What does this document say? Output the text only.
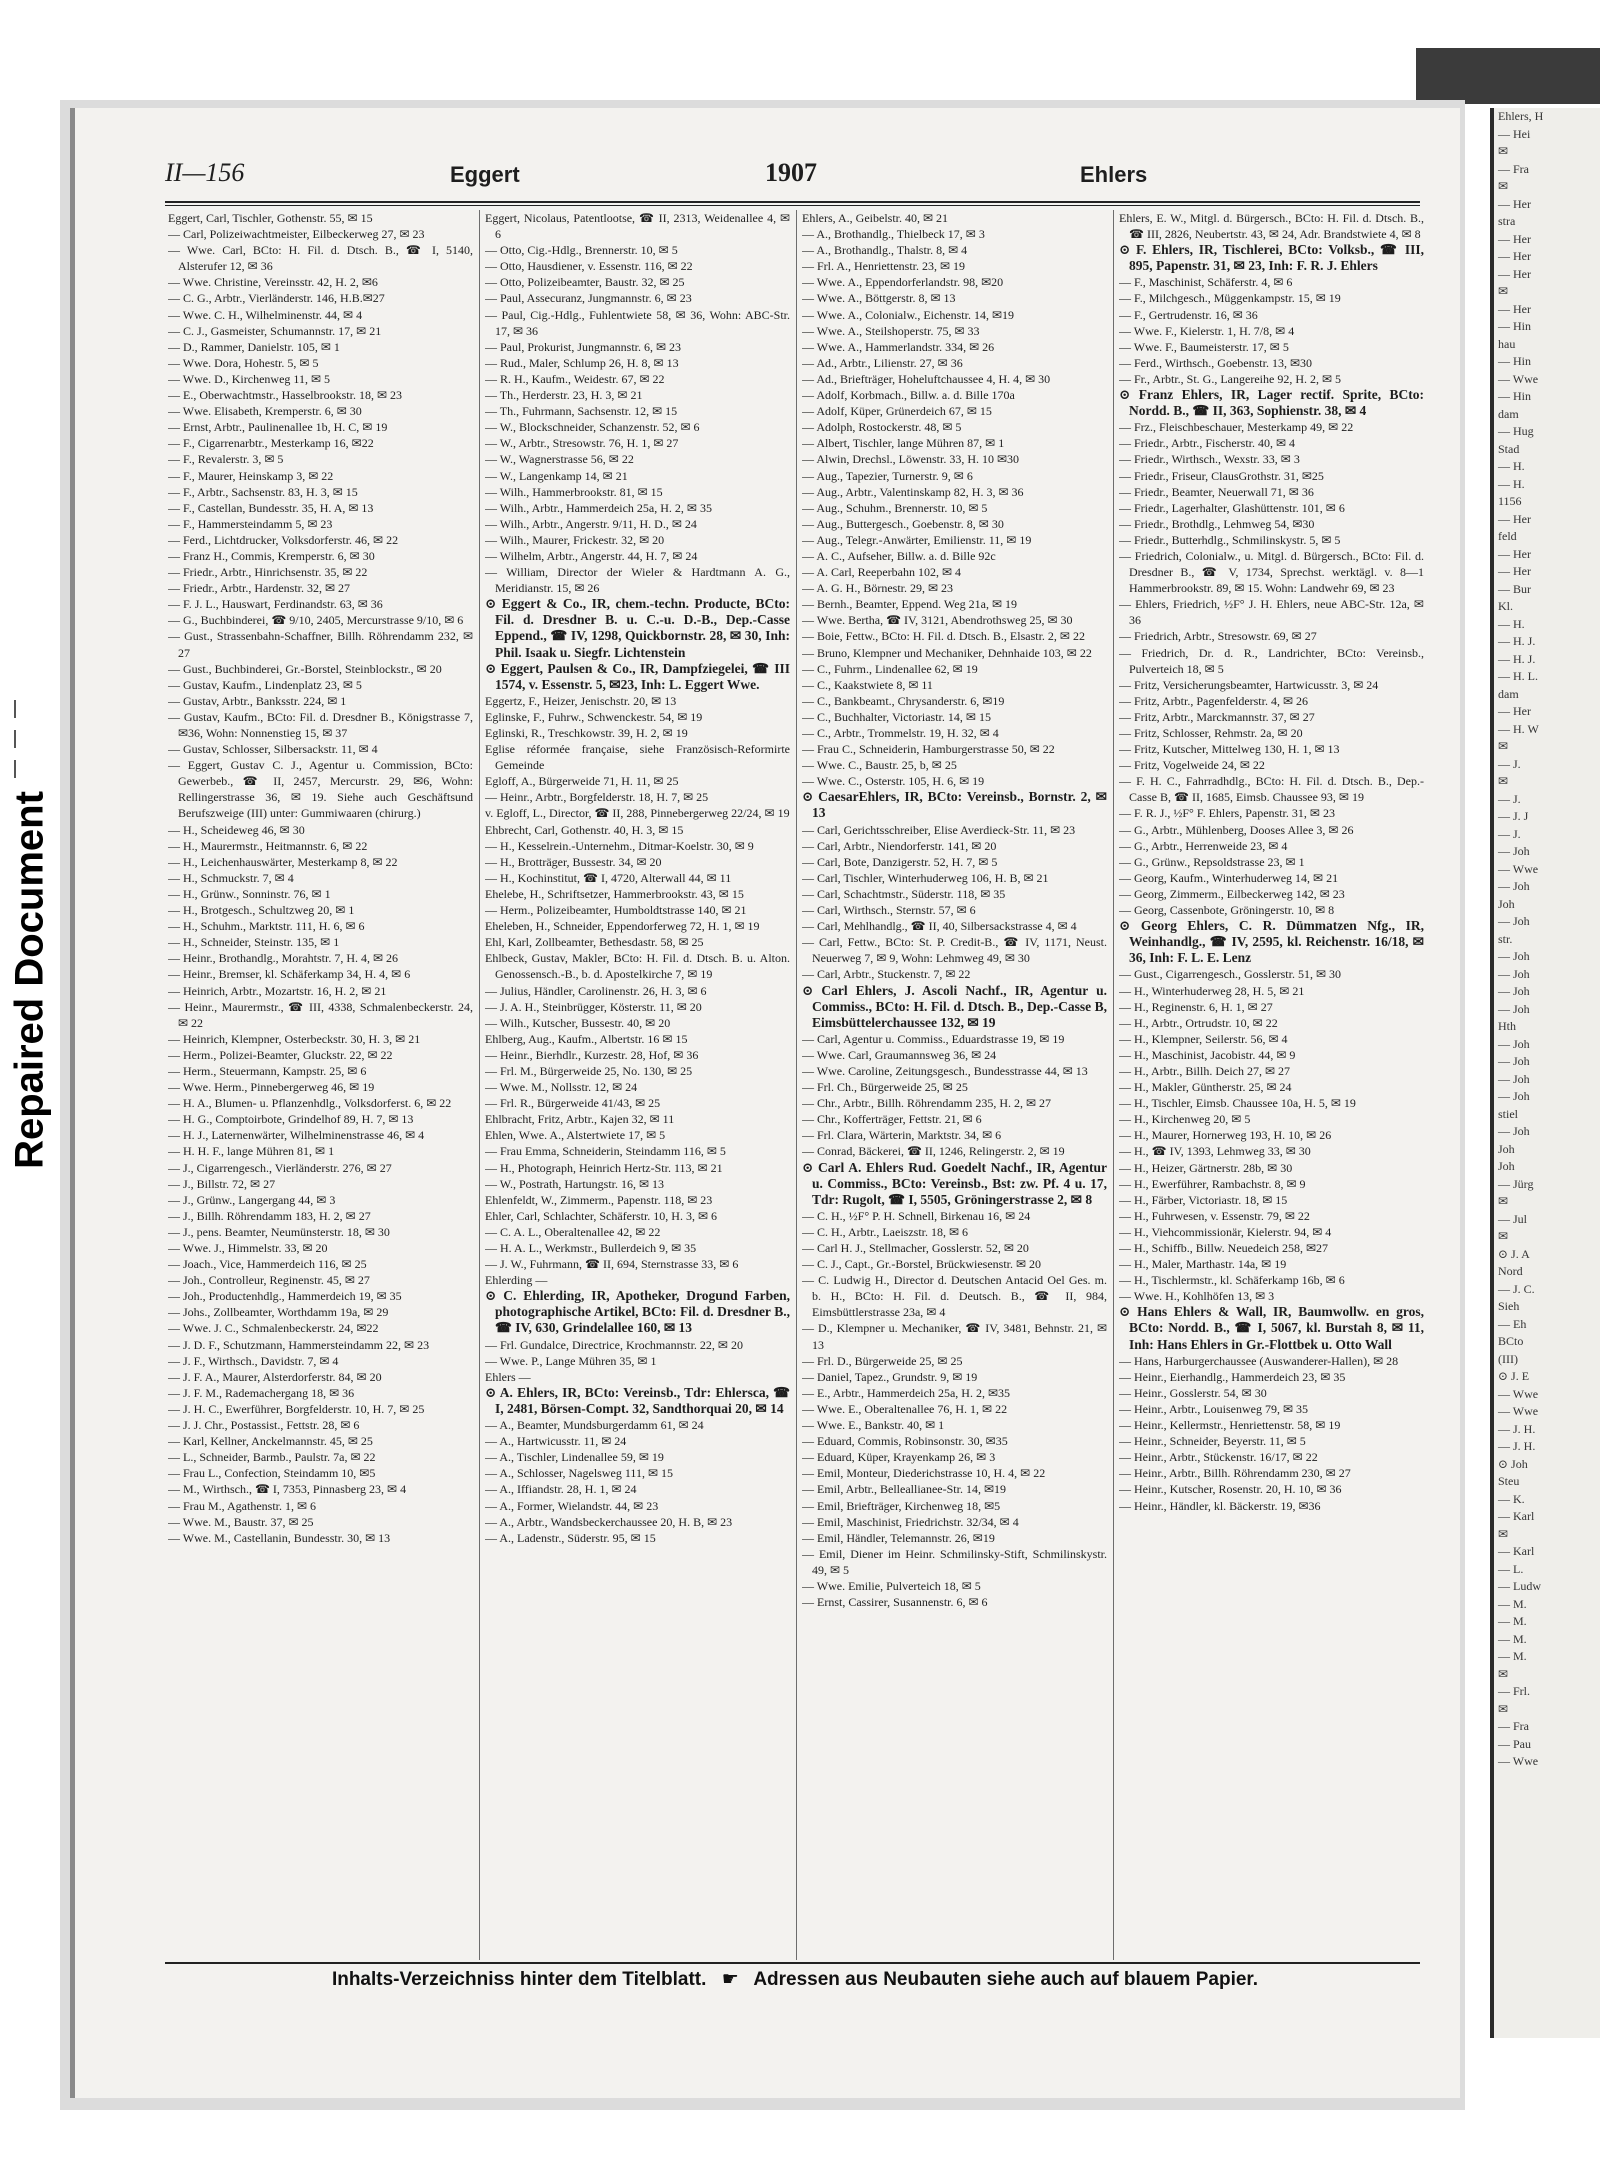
Repaired Document
Ehlers, H
— Hei
✉
— Fra
✉
— Her
stra
— Her
— Her
— Her
✉
— Her
— Hin
hau
— Hin
— Wwe
— Hin
dam
— Hug
Stad
— H.
— H.
1156
— Her
feld
— Her
— Her
— Bur
Kl.
— H.
— H. J.
— H. J.
— H. L.
dam
— Her
— H. W
✉
— J.
✉
— J.
— J. J
— J.
— Joh
— Wwe
— Joh
Joh
— Joh
str.
— Joh
— Joh
— Joh
— Joh
Hth
— Joh
— Joh
— Joh
— Joh
stiel
— Joh
Joh
Joh
— Jürg
✉
— Jul
✉
⊙ J. A
Nord
— J. C.
Sieh
— Eh
BCto
(III)
⊙ J. E
— Wwe
— Wwe
— J. H.
— J. H.
⊙ Joh
Steu
— K.
— Karl
✉
— Karl
— L.
— Ludw
— M.
— M.
— M.
— M.
✉
— Frl.
✉
— Fra
— Pau
— Wwe
II—156	Eggert	1907	Ehlers

Eggert, Carl, Tischler, Gothenstr. 55, ✉ 15

— Carl, Polizeiwachtmeister, Eilbeckerweg 27, ✉ 23

— Wwe. Carl, BCto: H. Fil. d. Dtsch. B., ☎ I, 5140, Alsterufer 12, ✉ 36

— Wwe. Christine, Vereinsstr. 42, H. 2, ✉6

— C. G., Arbtr., Vierländerstr. 146, H.B.✉27

— Wwe. C. H., Wilhelminenstr. 44, ✉ 4

— C. J., Gasmeister, Schumannstr. 17, ✉ 21

— D., Rammer, Danielstr. 105, ✉ 1

— Wwe. Dora, Hohestr. 5, ✉ 5

— Wwe. D., Kirchenweg 11, ✉ 5

— E., Oberwachtmstr., Hasselbrookstr. 18, ✉ 23

— Wwe. Elisabeth, Kremperstr. 6, ✉ 30

— Ernst, Arbtr., Paulinenallee 1b, H. C, ✉ 19

— F., Cigarrenarbtr., Mesterkamp 16, ✉22

— F., Revalerstr. 3, ✉ 5

— F., Maurer, Heinskamp 3, ✉ 22

— F., Arbtr., Sachsenstr. 83, H. 3, ✉ 15

— F., Castellan, Bundesstr. 35, H. A, ✉ 13

— F., Hammersteindamm 5, ✉ 23

— Ferd., Lichtdrucker, Volksdorferstr. 46, ✉ 22

— Franz H., Commis, Kremperstr. 6, ✉ 30

— Friedr., Arbtr., Hinrichsenstr. 35, ✉ 22

— Friedr., Arbtr., Hardenstr. 32, ✉ 27

— F. J. L., Hauswart, Ferdinandstr. 63, ✉ 36

— G., Buchbinderei, ☎ 9/10, 2405, Mercurstrasse 9/10, ✉ 6

— Gust., Strassenbahn-Schaffner, Billh. Röhrendamm 232, ✉ 27

— Gust., Buchbinderei, Gr.-Borstel, Steinblockstr., ✉ 20

— Gustav, Kaufm., Lindenplatz 23, ✉ 5

— Gustav, Arbtr., Banksstr. 224, ✉ 1

— Gustav, Kaufm., BCto: Fil. d. Dresdner B., Königstrasse 7, ✉36, Wohn: Nonnenstieg 15, ✉ 37

— Gustav, Schlosser, Silbersackstr. 11, ✉ 4

— Eggert, Gustav C. J., Agentur u. Commission, BCto: Gewerbeb., ☎ II, 2457, Mercurstr. 29, ✉6, Wohn: Rellingerstrasse 36, ✉ 19. Siehe auch Geschäftsund Berufszweige (III) unter: Gummiwaaren (chirurg.)

— H., Scheideweg 46, ✉ 30

— H., Maurermstr., Heitmannstr. 6, ✉ 22

— H., Leichenhauswärter, Mesterkamp 8, ✉ 22

— H., Schmuckstr. 7, ✉ 4

— H., Grünw., Sonninstr. 76, ✉ 1

— H., Brotgesch., Schultzweg 20, ✉ 1

— H., Schuhm., Marktstr. 111, H. 6, ✉ 6

— H., Schneider, Steinstr. 135, ✉ 1

— Heinr., Brothandlg., Morahtstr. 7, H. 4, ✉ 26

— Heinr., Bremser, kl. Schäferkamp 34, H. 4, ✉ 6

— Heinrich, Arbtr., Mozartstr. 16, H. 2, ✉ 21

— Heinr., Maurermstr., ☎ III, 4338, Schmalenbeckerstr. 24, ✉ 22

— Heinrich, Klempner, Osterbeckstr. 30, H. 3, ✉ 21

— Herm., Polizei-Beamter, Gluckstr. 22, ✉ 22

— Herm., Steuermann, Kampstr. 25, ✉ 6

— Wwe. Herm., Pinnebergerweg 46, ✉ 19

— H. A., Blumen- u. Pflanzenhdlg., Volksdorferst. 6, ✉ 22

— H. G., Comptoirbote, Grindelhof 89, H. 7, ✉ 13

— H. J., Laternenwärter, Wilhelminenstrasse 46, ✉ 4

— H. H. F., lange Mühren 81, ✉ 1

— J., Cigarrengesch., Vierländerstr. 276, ✉ 27

— J., Billstr. 72, ✉ 27

— J., Grünw., Langergang 44, ✉ 3

— J., Billh. Röhrendamm 183, H. 2, ✉ 27

— J., pens. Beamter, Neumünsterstr. 18, ✉ 30

— Wwe. J., Himmelstr. 33, ✉ 20

— Joach., Vice, Hammerdeich 116, ✉ 25

— Joh., Controlleur, Reginenstr. 45, ✉ 27

— Joh., Productenhdlg., Hammerdeich 19, ✉ 35

— Johs., Zollbeamter, Worthdamm 19a, ✉ 29

— Wwe. J. C., Schmalenbeckerstr. 24, ✉22

— J. D. F., Schutzmann, Hammersteindamm 22, ✉ 23

— J. F., Wirthsch., Davidstr. 7, ✉ 4

— J. F. A., Maurer, Alsterdorferstr. 84, ✉ 20

— J. F. M., Rademachergang 18, ✉ 36

— J. H. C., Ewerführer, Borgfelderstr. 10, H. 7, ✉ 25

— J. J. Chr., Postassist., Fettstr. 28, ✉ 6

— Karl, Kellner, Anckelmannstr. 45, ✉ 25

— L., Schneider, Barmb., Paulstr. 7a, ✉ 22

— Frau L., Confection, Steindamm 10, ✉5

— M., Wirthsch., ☎ I, 7353, Pinnasberg 23, ✉ 4

— Frau M., Agathenstr. 1, ✉ 6

— Wwe. M., Baustr. 37, ✉ 25

— Wwe. M., Castellanin, Bundesstr. 30, ✉ 13

Eggert, Nicolaus, Patentlootse, ☎ II, 2313, Weidenallee 4, ✉ 6

— Otto, Cig.-Hdlg., Brennerstr. 10, ✉ 5

— Otto, Hausdiener, v. Essenstr. 116, ✉ 22

— Otto, Polizeibeamter, Baustr. 32, ✉ 25

— Paul, Assecuranz, Jungmannstr. 6, ✉ 23

— Paul, Cig.-Hdlg., Fuhlentwiete 58, ✉ 36, Wohn: ABC-Str. 17, ✉ 36

— Paul, Prokurist, Jungmannstr. 6, ✉ 23

— Rud., Maler, Schlump 26, H. 8, ✉ 13

— R. H., Kaufm., Weidestr. 67, ✉ 22

— Th., Herderstr. 23, H. 3, ✉ 21

— Th., Fuhrmann, Sachsenstr. 12, ✉ 15

— W., Blockschneider, Schanzenstr. 52, ✉ 6

— W., Arbtr., Stresowstr. 76, H. 1, ✉ 27

— W., Wagnerstrasse 56, ✉ 22

— W., Langenkamp 14, ✉ 21

— Wilh., Hammerbrookstr. 81, ✉ 15

— Wilh., Arbtr., Hammerdeich 25a, H. 2, ✉ 35

— Wilh., Arbtr., Angerstr. 9/11, H. D., ✉ 24

— Wilh., Maurer, Frickestr. 32, ✉ 20

— Wilhelm, Arbtr., Angerstr. 44, H. 7, ✉ 24

— William, Director der Wieler & Hardtmann A. G., Meridianstr. 15, ✉ 26

⊙ Eggert & Co., IR, chem.-techn. Producte, BCto: Fil. d. Dresdner B. u. C.-u. D.-B., Dep.-Casse Eppend., ☎ IV, 1298, Quickbornstr. 28, ✉ 30, Inh: Phil. Isaak u. Siegfr. Lichtenstein

⊙ Eggert, Paulsen & Co., IR, Dampfziegelei, ☎ III 1574, v. Essenstr. 5, ✉23, Inh: L. Eggert Wwe.

Eggertz, F., Heizer, Jenischstr. 20, ✉ 13

Eglinske, F., Fuhrw., Schwenckestr. 54, ✉ 19

Eglinski, R., Treschkowstr. 39, H. 2, ✉ 19

Eglise réformée française, siehe Französisch-Reformirte Gemeinde

Egloff, A., Bürgerweide 71, H. 11, ✉ 25

— Heinr., Arbtr., Borgfelderstr. 18, H. 7, ✉ 25

v. Egloff, L., Director, ☎ II, 288, Pinnebergerweg 22/24, ✉ 19

Ehbrecht, Carl, Gothenstr. 40, H. 3, ✉ 15

— H., Kesselrein.-Unternehm., Ditmar-Koelstr. 30, ✉ 9

— H., Brotträger, Bussestr. 34, ✉ 20

— H., Kochinstitut, ☎ I, 4720, Alterwall 44, ✉ 11

Ehelebe, H., Schriftsetzer, Hammerbrookstr. 43, ✉ 15

— Herm., Polizeibeamter, Humboldtstrasse 140, ✉ 21

Eheleben, H., Schneider, Eppendorferweg 72, H. 1, ✉ 19

Ehl, Karl, Zollbeamter, Bethesdastr. 58, ✉ 25

Ehlbeck, Gustav, Makler, BCto: H. Fil. d. Dtsch. B. u. Alton. Genossensch.-B., b. d. Apostelkirche 7, ✉ 19

— Julius, Händler, Carolinenstr. 26, H. 3, ✉ 6

— J. A. H., Steinbrügger, Kösterstr. 11, ✉ 20

— Wilh., Kutscher, Bussestr. 40, ✉ 20

Ehlberg, Aug., Kaufm., Albertstr. 16 ✉ 15

— Heinr., Bierhdlr., Kurzestr. 28, Hof, ✉ 36

— Frl. M., Bürgerweide 25, No. 130, ✉ 25

— Wwe. M., Nollsstr. 12, ✉ 24

— Frl. R., Bürgerweide 41/43, ✉ 25

Ehlbracht, Fritz, Arbtr., Kajen 32, ✉ 11

Ehlen, Wwe. A., Alstertwiete 17, ✉ 5

— Frau Emma, Schneiderin, Steindamm 116, ✉ 5

— H., Photograph, Heinrich Hertz-Str. 113, ✉ 21

— W., Postrath, Hartungstr. 16, ✉ 13

Ehlenfeldt, W., Zimmerm., Papenstr. 118, ✉ 23

Ehler, Carl, Schlachter, Schäferstr. 10, H. 3, ✉ 6

— C. A. L., Oberaltenallee 42, ✉ 22

— H. A. L., Werkmstr., Bullerdeich 9, ✉ 35

— J. W., Fuhrmann, ☎ II, 694, Sternstrasse 33, ✉ 6

Ehlerding —

⊙ C. Ehlerding, IR, Apotheker, Drogund Farben, photographische Artikel, BCto: Fil. d. Dresdner B., ☎ IV, 630, Grindelallee 160, ✉ 13

— Frl. Gundalce, Directrice, Krochmannstr. 22, ✉ 20

— Wwe. P., Lange Mühren 35, ✉ 1

Ehlers —

⊙ A. Ehlers, IR, BCto: Vereinsb., Tdr: Ehlersca, ☎ I, 2481, Börsen-Compt. 32, Sandthorquai 20, ✉ 14

— A., Beamter, Mundsburgerdamm 61, ✉ 24

— A., Hartwicusstr. 11, ✉ 24

— A., Tischler, Lindenallee 59, ✉ 19

— A., Schlosser, Nagelsweg 111, ✉ 15

— A., Iffiandstr. 28, H. 1, ✉ 24

— A., Former, Wielandstr. 44, ✉ 23

— A., Arbtr., Wandsbeckerchaussee 20, H. B, ✉ 23

— A., Ladenstr., Süderstr. 95, ✉ 15

Ehlers, A., Geibelstr. 40, ✉ 21

— A., Brothandlg., Thielbeck 17, ✉ 3

— A., Brothandlg., Thalstr. 8, ✉ 4

— Frl. A., Henriettenstr. 23, ✉ 19

— Wwe. A., Eppendorferlandstr. 98, ✉20

— Wwe. A., Böttgerstr. 8, ✉ 13

— Wwe. A., Colonialw., Eichenstr. 14, ✉19

— Wwe. A., Steilshoperstr. 75, ✉ 33

— Wwe. A., Hammerlandstr. 334, ✉ 26

— Ad., Arbtr., Lilienstr. 27, ✉ 36

— Ad., Briefträger, Hoheluftchaussee 4, H. 4, ✉ 30

— Adolf, Korbmach., Billw. a. d. Bille 170a

— Adolf, Küper, Grünerdeich 67, ✉ 15

— Adolph, Rostockerstr. 48, ✉ 5

— Albert, Tischler, lange Mühren 87, ✉ 1

— Alwin, Drechsl., Löwenstr. 33, H. 10 ✉30

— Aug., Tapezier, Turnerstr. 9, ✉ 6

— Aug., Arbtr., Valentinskamp 82, H. 3, ✉ 36

— Aug., Schuhm., Brennerstr. 10, ✉ 5

— Aug., Buttergesch., Goebenstr. 8, ✉ 30

— Aug., Telegr.-Anwärter, Emilienstr. 11, ✉ 19

— A. C., Aufseher, Billw. a. d. Bille 92c

— A. Carl, Reeperbahn 102, ✉ 4

— A. G. H., Börnestr. 29, ✉ 23

— Bernh., Beamter, Eppend. Weg 21a, ✉ 19

— Wwe. Bertha, ☎ IV, 3121, Abendrothsweg 25, ✉ 30

— Boie, Fettw., BCto: H. Fil. d. Dtsch. B., Elsastr. 2, ✉ 22

— Bruno, Klempner und Mechaniker, Dehnhaide 103, ✉ 22

— C., Fuhrm., Lindenallee 62, ✉ 19

— C., Kaakstwiete 8, ✉ 11

— C., Bankbeamt., Chrysanderstr. 6, ✉19

— C., Buchhalter, Victoriastr. 14, ✉ 15

— C., Arbtr., Trommelstr. 19, H. 32, ✉ 4

— Frau C., Schneiderin, Hamburgerstrasse 50, ✉ 22

— Wwe. C., Baustr. 25, b, ✉ 25

— Wwe. C., Osterstr. 105, H. 6, ✉ 19

⊙ CaesarEhlers, IR, BCto: Vereinsb., Bornstr. 2, ✉ 13

— Carl, Gerichtsschreiber, Elise Averdieck-Str. 11, ✉ 23

— Carl, Arbtr., Niendorferstr. 141, ✉ 20

— Carl, Bote, Danzigerstr. 52, H. 7, ✉ 5

— Carl, Tischler, Winterhuderweg 106, H. B, ✉ 21

— Carl, Schachtmstr., Süderstr. 118, ✉ 35

— Carl, Wirthsch., Sternstr. 57, ✉ 6

— Carl, Mehlhandlg., ☎ II, 40, Silbersackstrasse 4, ✉ 4

— Carl, Fettw., BCto: St. P. Credit-B., ☎ IV, 1171, Neust. Neuerweg 7, ✉ 9, Wohn: Lehmweg 49, ✉ 30

— Carl, Arbtr., Stuckenstr. 7, ✉ 22

⊙ Carl Ehlers, J. Ascoli Nachf., IR, Agentur u. Commiss., BCto: H. Fil. d. Dtsch. B., Dep.-Casse B, Eimsbüttelerchaussee 132, ✉ 19

— Carl, Agentur u. Commiss., Eduardstrasse 19, ✉ 19

— Wwe. Carl, Graumannsweg 36, ✉ 24

— Wwe. Caroline, Zeitungsgesch., Bundesstrasse 44, ✉ 13

— Frl. Ch., Bürgerweide 25, ✉ 25

— Chr., Arbtr., Billh. Röhrendamm 235, H. 2, ✉ 27

— Chr., Kofferträger, Fettstr. 21, ✉ 6

— Frl. Clara, Wärterin, Marktstr. 34, ✉ 6

— Conrad, Bäckerei, ☎ II, 1246, Relingerstr. 2, ✉ 19

⊙ Carl A. Ehlers Rud. Goedelt Nachf., IR, Agentur u. Commiss., BCto: Vereinsb., Bst: zw. Pf. 4 u. 17, Tdr: Rugolt, ☎ I, 5505, Gröningerstrasse 2, ✉ 8

— C. H., ½F° P. H. Schnell, Birkenau 16, ✉ 24

— C. H., Arbtr., Laeiszstr. 18, ✉ 6

— Carl H. J., Stellmacher, Gosslerstr. 52, ✉ 20

— C. J., Capt., Gr.-Borstel, Brückwiesenstr. ✉ 20

— C. Ludwig H., Director d. Deutschen Antacid Oel Ges. m. b. H., BCto: H. Fil. d. Deutsch. B., ☎ II, 984, Eimsbüttlerstrasse 23a, ✉ 4

— D., Klempner u. Mechaniker, ☎ IV, 3481, Behnstr. 21, ✉ 13

— Frl. D., Bürgerweide 25, ✉ 25

— Daniel, Tapez., Grundstr. 9, ✉ 19

— E., Arbtr., Hammerdeich 25a, H. 2, ✉35

— Wwe. E., Oberaltenallee 76, H. 1, ✉ 22

— Wwe. E., Bankstr. 40, ✉ 1

— Eduard, Commis, Robinsonstr. 30, ✉35

— Eduard, Küper, Krayenkamp 26, ✉ 3

— Emil, Monteur, Diederichstrasse 10, H. 4, ✉ 22

— Emil, Arbtr., Belleallianee-Str. 14, ✉19

— Emil, Briefträger, Kirchenweg 18, ✉5

— Emil, Maschinist, Friedrichstr. 32/34, ✉ 4

— Emil, Händler, Telemannstr. 26, ✉19

— Emil, Diener im Heinr. Schmilinsky-Stift, Schmilinskystr. 49, ✉ 5

— Wwe. Emilie, Pulverteich 18, ✉ 5

— Ernst, Cassirer, Susannenstr. 6, ✉ 6

Ehlers, E. W., Mitgl. d. Bürgersch., BCto: H. Fil. d. Dtsch. B., ☎ III, 2826, Neubertstr. 43, ✉ 24, Adr. Brandstwiete 4, ✉ 8

⊙ F. Ehlers, IR, Tischlerei, BCto: Volksb., ☎ III, 895, Papenstr. 31, ✉ 23, Inh: F. R. J. Ehlers

— F., Maschinist, Schäferstr. 4, ✉ 6

— F., Milchgesch., Müggenkampstr. 15, ✉ 19

— F., Gertrudenstr. 16, ✉ 36

— Wwe. F., Kielerstr. 1, H. 7/8, ✉ 4

— Wwe. F., Baumeisterstr. 17, ✉ 5

— Ferd., Wirthsch., Goebenstr. 13, ✉30

— Fr., Arbtr., St. G., Langereihe 92, H. 2, ✉ 5

⊙ Franz Ehlers, IR, Lager rectif. Sprite, BCto: Nordd. B., ☎ II, 363, Sophienstr. 38, ✉ 4

— Frz., Fleischbeschauer, Mesterkamp 49, ✉ 22

— Friedr., Arbtr., Fischerstr. 40, ✉ 4

— Friedr., Wirthsch., Wexstr. 33, ✉ 3

— Friedr., Friseur, ClausGrothstr. 31, ✉25

— Friedr., Beamter, Neuerwall 71, ✉ 36

— Friedr., Lagerhalter, Glashüttenstr. 101, ✉ 6

— Friedr., Brothdlg., Lehmweg 54, ✉30

— Friedr., Butterhdlg., Schmilinskystr. 5, ✉ 5

— Friedrich, Colonialw., u. Mitgl. d. Bürgersch., BCto: Fil. d. Dresdner B., ☎ V, 1734, Sprechst. werktägl. v. 8—1 Hammerbrookstr. 89, ✉ 15. Wohn: Landwehr 69, ✉ 23

— Ehlers, Friedrich, ½F° J. H. Ehlers, neue ABC-Str. 12a, ✉ 36

— Friedrich, Arbtr., Stresowstr. 69, ✉ 27

— Friedrich, Dr. d. R., Landrichter, BCto: Vereinsb., Pulverteich 18, ✉ 5

— Fritz, Versicherungsbeamter, Hartwicusstr. 3, ✉ 24

— Fritz, Arbtr., Pagenfelderstr. 4, ✉ 26

— Fritz, Arbtr., Marckmannstr. 37, ✉ 27

— Fritz, Schlosser, Rehmstr. 2a, ✉ 20

— Fritz, Kutscher, Mittelweg 130, H. 1, ✉ 13

— Fritz, Vogelweide 24, ✉ 22

— F. H. C., Fahrradhdlg., BCto: H. Fil. d. Dtsch. B., Dep.-Casse B, ☎ II, 1685, Eimsb. Chaussee 93, ✉ 19

— F. R. J., ½F° F. Ehlers, Papenstr. 31, ✉ 23

— G., Arbtr., Mühlenberg, Dooses Allee 3, ✉ 26

— G., Arbtr., Herrenweide 23, ✉ 4

— G., Grünw., Repsoldstrasse 23, ✉ 1

— Georg, Kaufm., Winterhuderweg 14, ✉ 21

— Georg, Zimmerm., Eilbeckerweg 142, ✉ 23

— Georg, Cassenbote, Gröningerstr. 10, ✉ 8

⊙ Georg Ehlers, C. R. Dümmatzen Nfg., IR, Weinhandlg., ☎ IV, 2595, kl. Reichenstr. 16/18, ✉ 36, Inh: F. L. E. Lenz

— Gust., Cigarrengesch., Gosslerstr. 51, ✉ 30

— H., Winterhuderweg 28, H. 5, ✉ 21

— H., Reginenstr. 6, H. 1, ✉ 27

— H., Arbtr., Ortrudstr. 10, ✉ 22

— H., Klempner, Seilerstr. 56, ✉ 4

— H., Maschinist, Jacobistr. 44, ✉ 9

— H., Arbtr., Billh. Deich 27, ✉ 27

— H., Makler, Güntherstr. 25, ✉ 24

— H., Tischler, Eimsb. Chaussee 10a, H. 5, ✉ 19

— H., Kirchenweg 20, ✉ 5

— H., Maurer, Hornerweg 193, H. 10, ✉ 26

— H., ☎ IV, 1393, Lehmweg 33, ✉ 30

— H., Heizer, Gärtnerstr. 28b, ✉ 30

— H., Ewerführer, Rambachstr. 8, ✉ 9

— H., Färber, Victoriastr. 18, ✉ 15

— H., Fuhrwesen, v. Essenstr. 79, ✉ 22

— H., Viehcommissionär, Kielerstr. 94, ✉ 4

— H., Schiffb., Billw. Neuedeich 258, ✉27

— H., Maler, Marthastr. 14a, ✉ 19

— H., Tischlermstr., kl. Schäferkamp 16b, ✉ 6

— Wwe. H., Kohlhöfen 13, ✉ 3

⊙ Hans Ehlers & Wall, IR, Baumwollw. en gros, BCto: Nordd. B., ☎ I, 5067, kl. Burstah 8, ✉ 11, Inh: Hans Ehlers in Gr.-Flottbek u. Otto Wall

— Hans, Harburgerchaussee (Auswanderer-Hallen), ✉ 28

— Heinr., Eierhandlg., Hammerdeich 23, ✉ 35

— Heinr., Gosslerstr. 54, ✉ 30

— Heinr., Arbtr., Louisenweg 79, ✉ 35

— Heinr., Kellermstr., Henriettenstr. 58, ✉ 19

— Heinr., Schneider, Beyerstr. 11, ✉ 5

— Heinr., Arbtr., Stückenstr. 16/17, ✉ 22

— Heinr., Arbtr., Billh. Röhrendamm 230, ✉ 27

— Heinr., Kutscher, Rosenstr. 20, H. 10, ✉ 36

— Heinr., Händler, kl. Bäckerstr. 19, ✉36

Inhalts-Verzeichniss hinter dem Titelblatt. ☛ Adressen aus Neubauten siehe auch auf blauem Papier.
